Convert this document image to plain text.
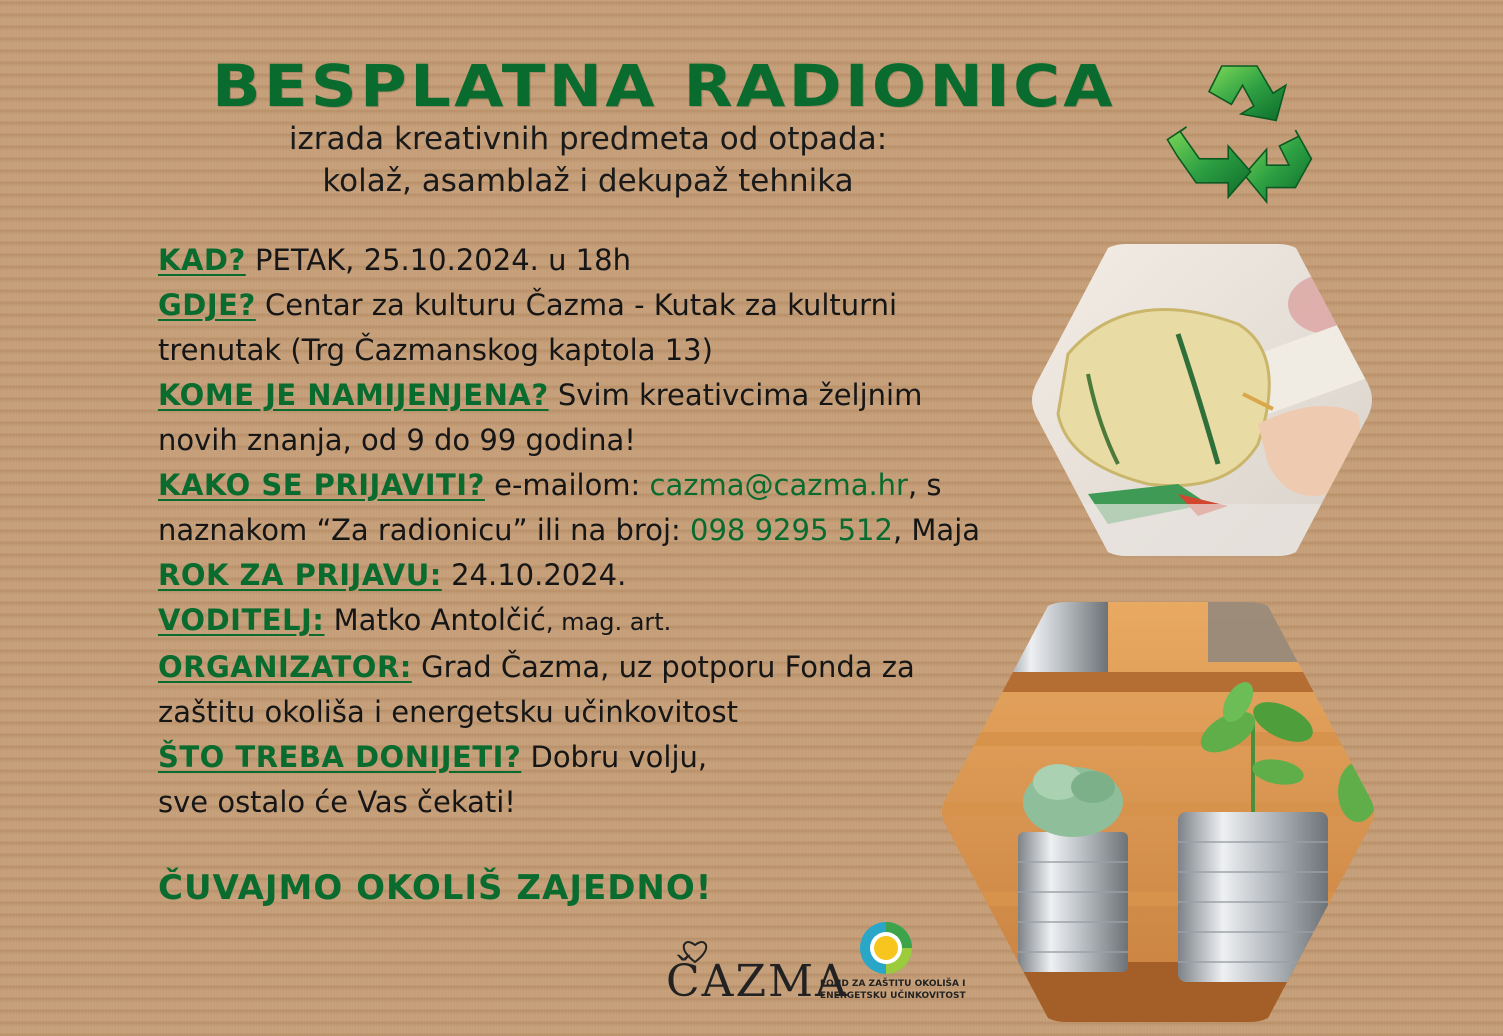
BESPLATNA RADIONICA
izrada kreativnih predmeta od otpada:
kolaž, asamblaž i dekupaž tehnika
KAD? PETAK, 25.10.2024. u 18h
GDJE? Centar za kulturu Čazma - Kutak za kulturni
trenutak (Trg Čazmanskog kaptola 13)
KOME JE NAMIJENJENA? Svim kreativcima željnim
novih znanja, od 9 do 99 godina!
KAKO SE PRIJAVITI? e-mailom: cazma@cazma.hr, s
naznakom “Za radionicu” ili na broj: 098 9295 512, Maja
ROK ZA PRIJAVU: 24.10.2024.
VODITELJ: Matko Antolčić, mag. art.
ORGANIZATOR: Grad Čazma, uz potporu Fonda za
zaštitu okoliša i energetsku učinkovitost
ŠTO TREBA DONIJETI? Dobru volju,
sve ostalo će Vas čekati!
ČUVAJMO OKOLIŠ ZAJEDNO!
ČAZMA
FOND ZA ZAŠTITU OKOLIŠA I
ENERGETSKU UČINKOVITOST
